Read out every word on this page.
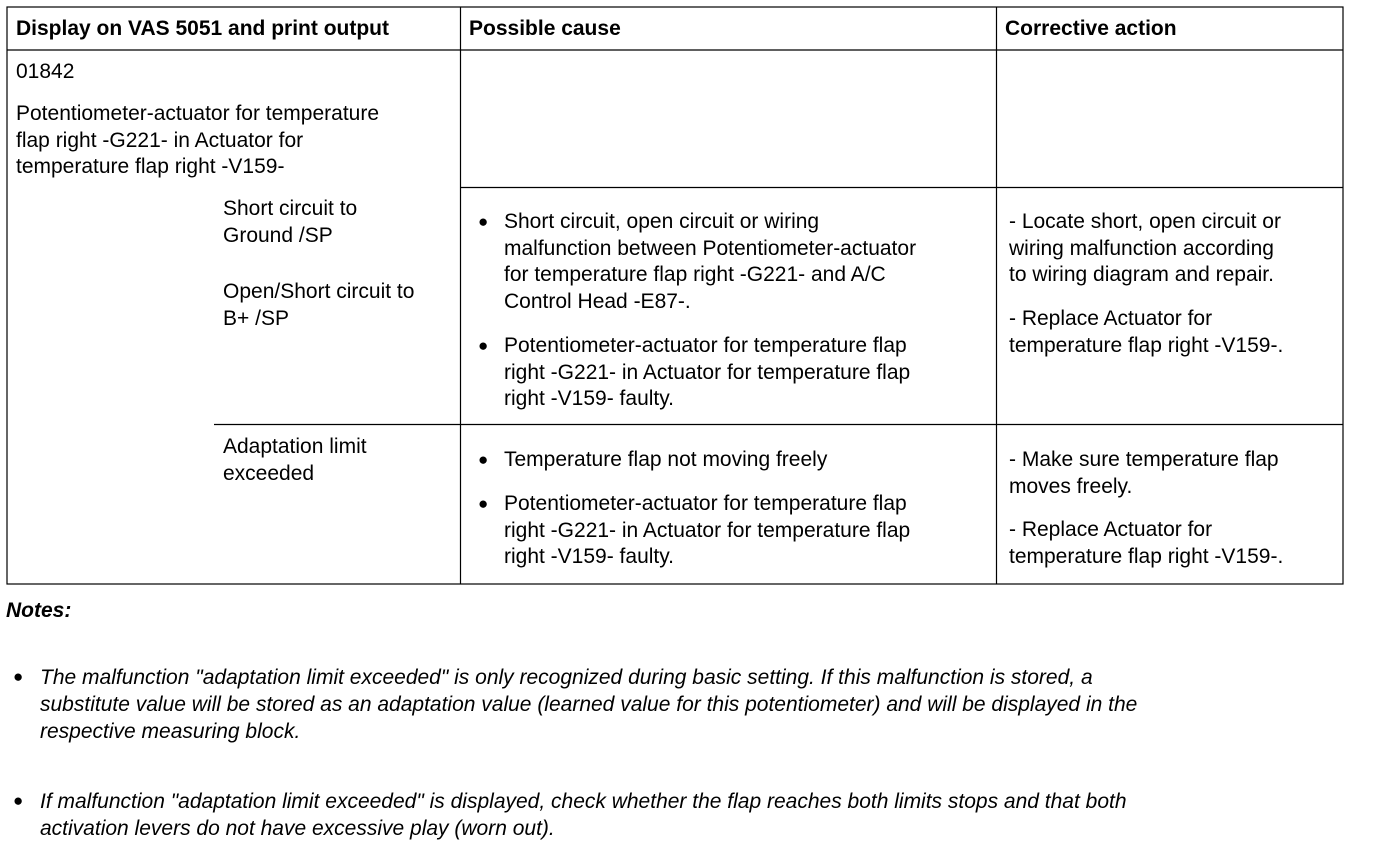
Display on VAS 5051 and print output	Possible cause	Corrective action
01842
Potentiometer-actuator for temperature
flap right -G221- in Actuator for
temperature flap right -V159-
Short circuit to
Ground /SP
Open/Short circuit to
B+ /SP
● Short circuit, open circuit or wiring
malfunction between Potentiometer-actuator
for temperature flap right -G221- and A/C
Control Head -E87-.
● Potentiometer-actuator for temperature flap
right -G221- in Actuator for temperature flap
right -V159- faulty.
- Locate short, open circuit or
wiring malfunction according
to wiring diagram and repair.
- Replace Actuator for
temperature flap right -V159-.
Adaptation limit
exceeded
● Temperature flap not moving freely
● Potentiometer-actuator for temperature flap
right -G221- in Actuator for temperature flap
right -V159- faulty.
- Make sure temperature flap
moves freely.
- Replace Actuator for
temperature flap right -V159-.
Notes:
● The malfunction "adaptation limit exceeded" is only recognized during basic setting. If this malfunction is stored, a
substitute value will be stored as an adaptation value (learned value for this potentiometer) and will be displayed in the
respective measuring block.
● If malfunction "adaptation limit exceeded" is displayed, check whether the flap reaches both limits stops and that both
activation levers do not have excessive play (worn out).
